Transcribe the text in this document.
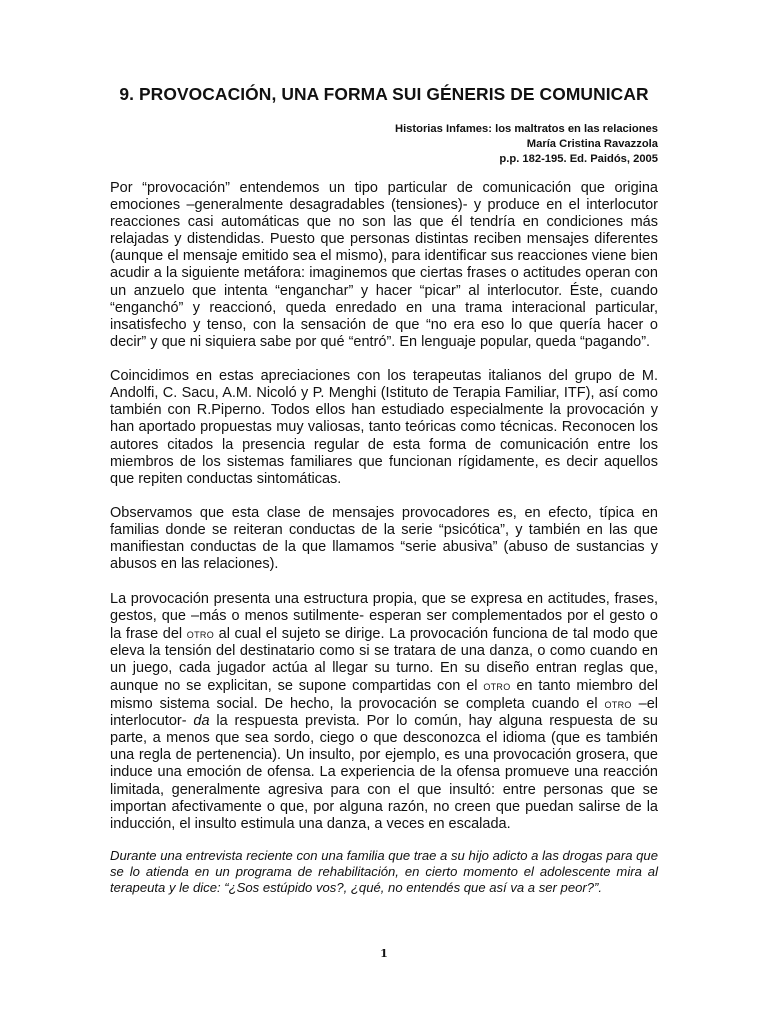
9. PROVOCACIÓN, UNA FORMA SUI GÉNERIS DE COMUNICAR
Historias Infames: los maltratos en las relaciones
María Cristina Ravazzola
p.p. 182-195. Ed. Paidós, 2005

Por “provocación” entendemos un tipo particular de comunicación que origina emociones –generalmente desagradables (tensiones)- y produce en el interlocutor reacciones casi automáticas que no son las que él tendría en condiciones más relajadas y distendidas. Puesto que personas distintas reciben mensajes diferentes (aunque el mensaje emitido sea el mismo), para identificar sus reacciones viene bien acudir a la siguiente metáfora: imaginemos que ciertas frases o actitudes operan con un anzuelo que intenta “enganchar” y hacer “picar” al interlocutor. Éste, cuando “enganchó” y reaccionó, queda enredado en una trama interacional particular, insatisfecho y tenso, con la sensación de que “no era eso lo que quería hacer o decir” y que ni siquiera sabe por qué “entró”. En lenguaje popular, queda “pagando”.

Coincidimos en estas apreciaciones con los terapeutas italianos del grupo de M. Andolfi, C. Sacu, A.M. Nicoló y P. Menghi (Istituto de Terapia Familiar, ITF), así como también con R.Piperno. Todos ellos han estudiado especialmente la provocación y han aportado propuestas muy valiosas, tanto teóricas como técnicas. Reconocen los autores citados la presencia regular de esta forma de comunicación entre los miembros de los sistemas familiares que funcionan rígidamente, es decir aquellos que repiten conductas sintomáticas.

Observamos que esta clase de mensajes provocadores es, en efecto, típica en familias donde se reiteran conductas de la serie “psicótica”, y también en las que manifiestan conductas de la que llamamos “serie abusiva” (abuso de sustancias y abusos en las relaciones).

La provocación presenta una estructura propia, que se expresa en actitudes, frases, gestos, que –más o menos sutilmente- esperan ser complementados por el gesto o la frase del otro al cual el sujeto se dirige. La provocación funciona de tal modo que eleva la tensión del destinatario como si se tratara de una danza, o como cuando en un juego, cada jugador actúa al llegar su turno. En su diseño entran reglas que, aunque no se explicitan, se supone compartidas con el otro en tanto miembro del mismo sistema social. De hecho, la provocación se completa cuando el otro –el interlocutor- da la respuesta prevista. Por lo común, hay alguna respuesta de su parte, a menos que sea sordo, ciego o que desconozca el idioma (que es también una regla de pertenencia). Un insulto, por ejemplo, es una provocación grosera, que induce una emoción de ofensa. La experiencia de la ofensa promueve una reacción limitada, generalmente agresiva para con el que insultó: entre personas que se importan afectivamente o que, por alguna razón, no creen que puedan salirse de la inducción, el insulto estimula una danza, a veces en escalada.

Durante una entrevista reciente con una familia que trae a su hijo adicto a las drogas para que se lo atienda en un programa de rehabilitación, en cierto momento el adolescente mira al terapeuta y le dice: “¿Sos estúpido vos?, ¿qué, no entendés que así va a ser peor?”.

1
